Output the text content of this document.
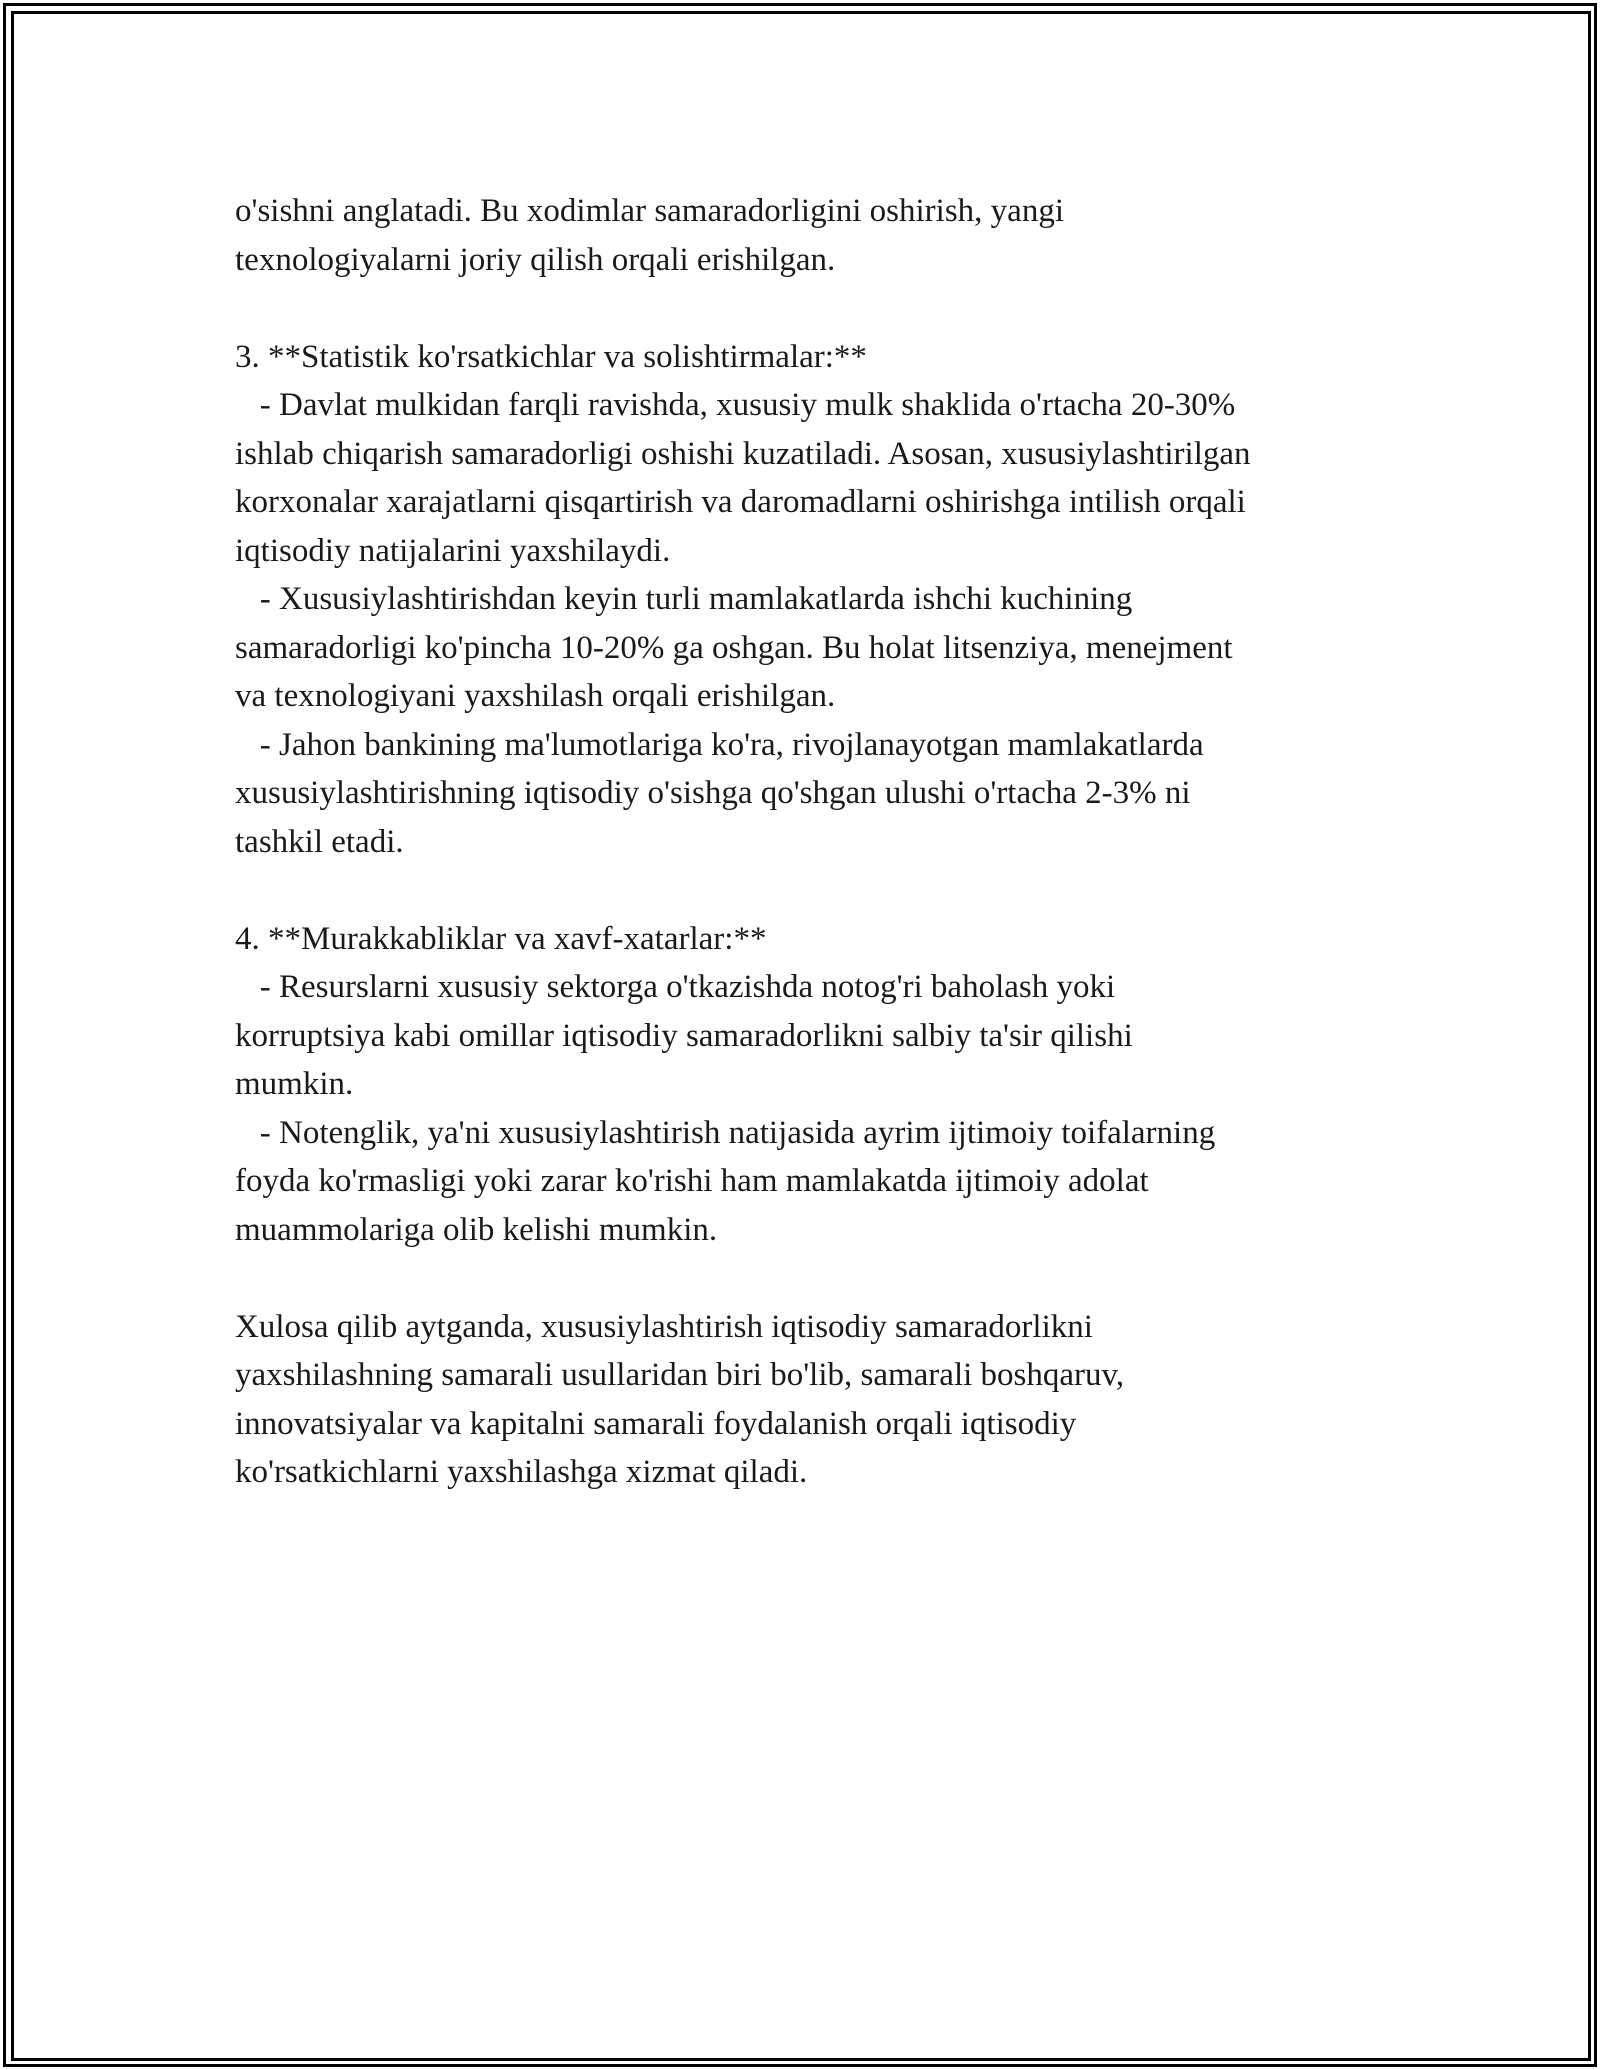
o'sishni anglatadi. Bu xodimlar samaradorligini oshirish, yangi
texnologiyalarni joriy qilish orqali erishilgan.
3. **Statistik ko'rsatkichlar va solishtirmalar:**
- Davlat mulkidan farqli ravishda, xususiy mulk shaklida o'rtacha 20-30%
ishlab chiqarish samaradorligi oshishi kuzatiladi. Asosan, xususiylashtirilgan
korxonalar xarajatlarni qisqartirish va daromadlarni oshirishga intilish orqali
iqtisodiy natijalarini yaxshilaydi.
- Xususiylashtirishdan keyin turli mamlakatlarda ishchi kuchining
samaradorligi ko'pincha 10-20% ga oshgan. Bu holat litsenziya, menejment
va texnologiyani yaxshilash orqali erishilgan.
- Jahon bankining ma'lumotlariga ko'ra, rivojlanayotgan mamlakatlarda
xususiylashtirishning iqtisodiy o'sishga qo'shgan ulushi o'rtacha 2-3% ni
tashkil etadi.
4. **Murakkabliklar va xavf-xatarlar:**
- Resurslarni xususiy sektorga o'tkazishda notog'ri baholash yoki
korruptsiya kabi omillar iqtisodiy samaradorlikni salbiy ta'sir qilishi
mumkin.
- Notenglik, ya'ni xususiylashtirish natijasida ayrim ijtimoiy toifalarning
foyda ko'rmasligi yoki zarar ko'rishi ham mamlakatda ijtimoiy adolat
muammolariga olib kelishi mumkin.
Xulosa qilib aytganda, xususiylashtirish iqtisodiy samaradorlikni
yaxshilashning samarali usullaridan biri bo'lib, samarali boshqaruv,
innovatsiyalar va kapitalni samarali foydalanish orqali iqtisodiy
ko'rsatkichlarni yaxshilashga xizmat qiladi.
